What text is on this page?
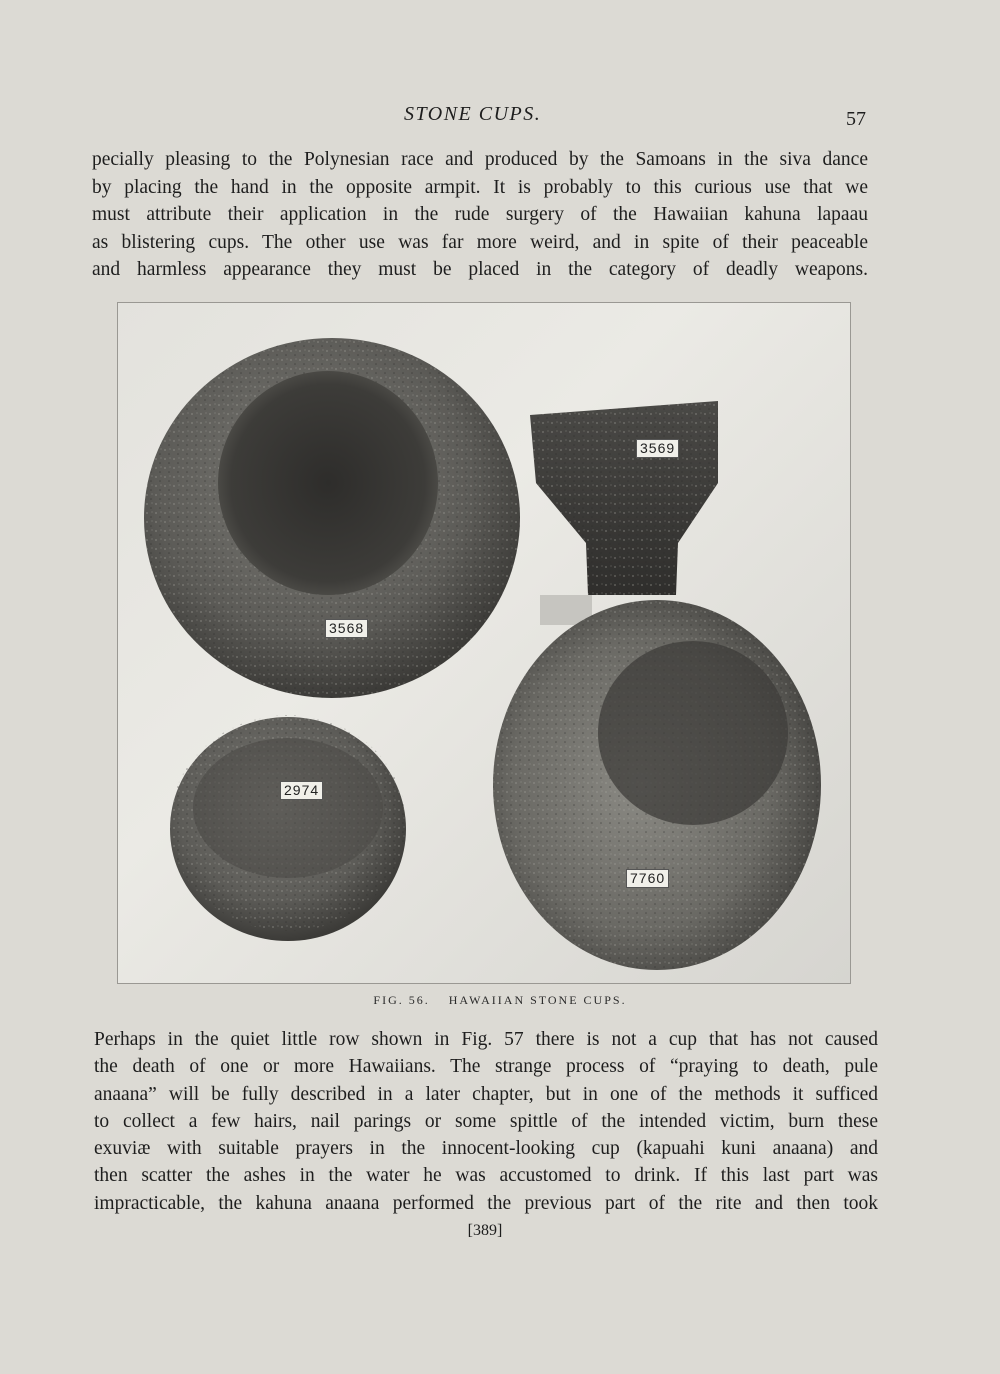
STONE CUPS.	57

pecially pleasing to the Polynesian race and produced by the Samoans in the siva dance
by placing the hand in the opposite armpit. It is probably to this curious use that we
must attribute their application in the rude surgery of the Hawaiian kahuna lapaau
as blistering cups. The other use was far more weird, and in spite of their peaceable
and harmless appearance they must be placed in the category of deadly weapons.

3568
3569
2974
7760
FIG. 56. HAWAIIAN STONE CUPS.

Perhaps in the quiet little row shown in Fig. 57 there is not a cup that has not caused
the death of one or more Hawaiians. The strange process of “praying to death, pule
anaana” will be fully described in a later chapter, but in one of the methods it sufficed
to collect a few hairs, nail parings or some spittle of the intended victim, burn these
exuviæ with suitable prayers in the innocent-looking cup (kapuahi kuni anaana) and
then scatter the ashes in the water he was accustomed to drink. If this last part was
impracticable, the kahuna anaana performed the previous part of the rite and then took

[389]
